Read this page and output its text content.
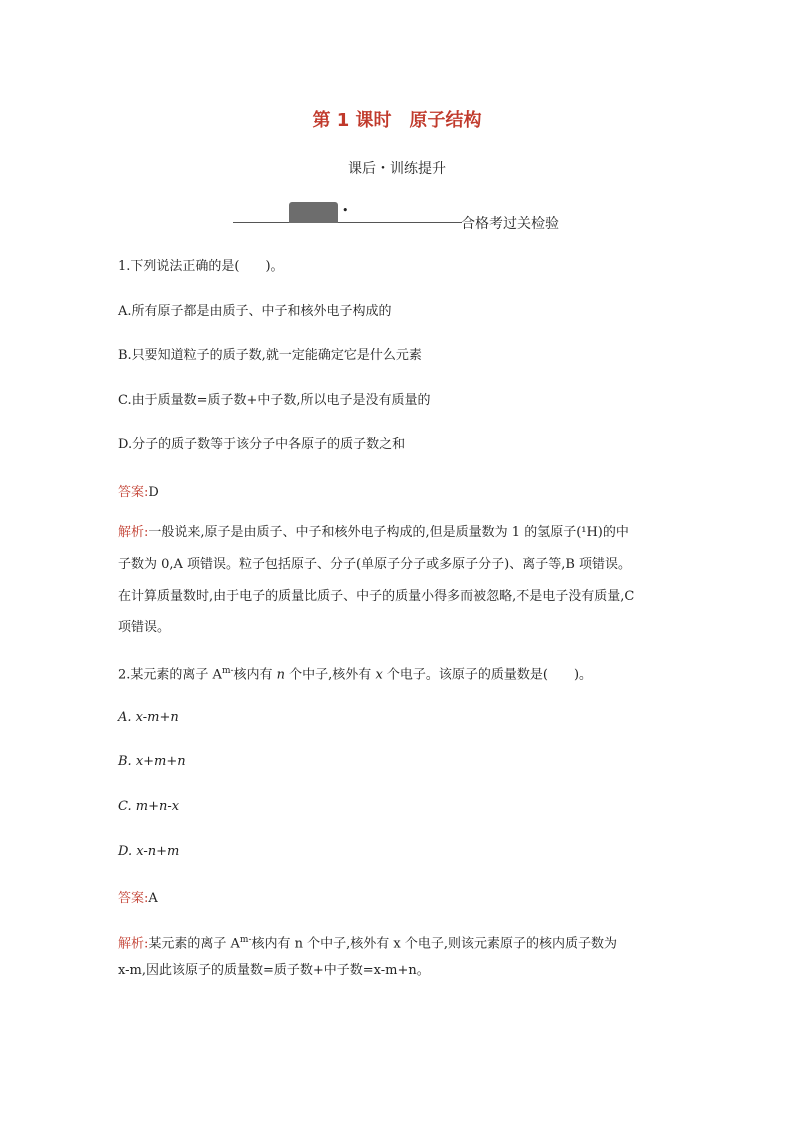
第 1 课时　原子结构
课后・训练提升
•
合格考过关检验
1.下列说法正确的是(　　)。
A.所有原子都是由质子、中子和核外电子构成的
B.只要知道粒子的质子数,就一定能确定它是什么元素
C.由于质量数=质子数+中子数,所以电子是没有质量的
D.分子的质子数等于该分子中各原子的质子数之和
答案:D
解析:一般说来,原子是由质子、中子和核外电子构成的,但是质量数为 1 的氢原子(¹H)的中
子数为 0,A 项错误。粒子包括原子、分子(单原子分子或多原子分子)、离子等,B 项错误。
在计算质量数时,由于电子的质量比质子、中子的质量小得多而被忽略,不是电子没有质量,C
项错误。
2.某元素的离子 $A^{m-}$核内有 n 个中子,核外有 x 个电子。该原子的质量数是(　　)。
A. x-m+n
B. x+m+n
C. m+n-x
D. x-n+m
答案:A
解析:某元素的离子 $A^{m-}$核内有 n 个中子,核外有 x 个电子,则该元素原子的核内质子数为
x-m,因此该原子的质量数=质子数+中子数=x-m+n。
